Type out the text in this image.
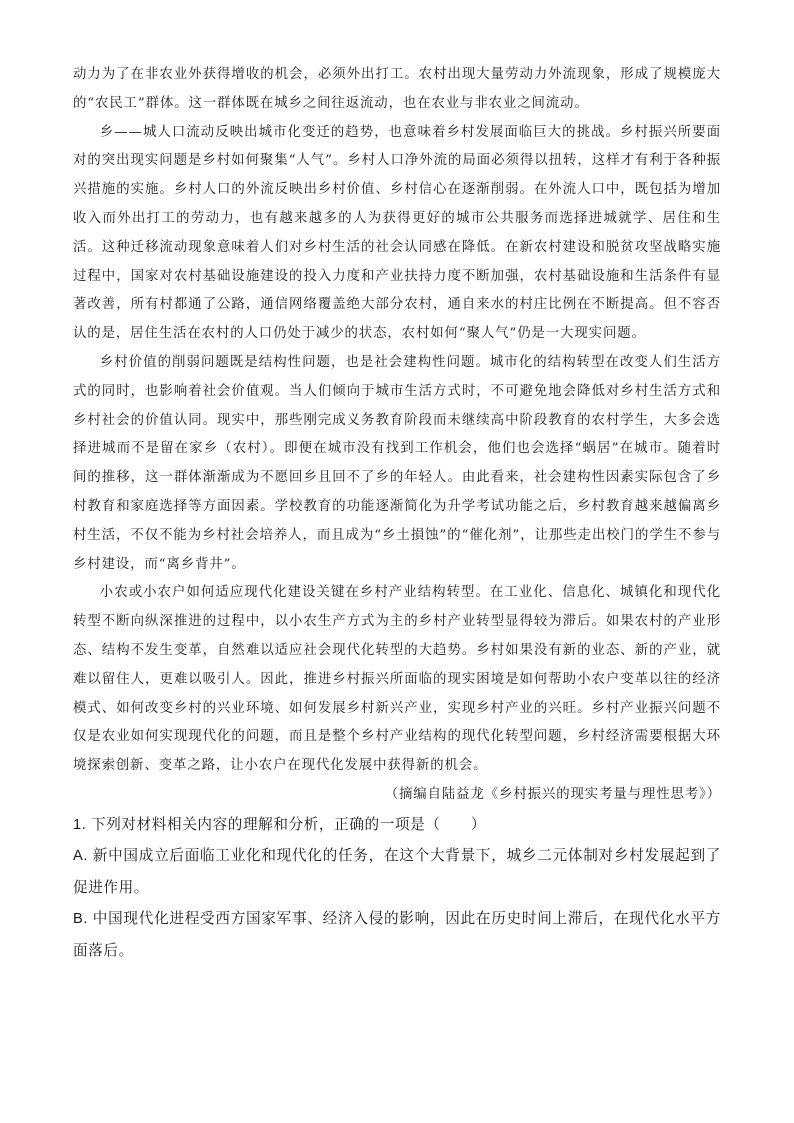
动力为了在非农业外获得增收的机会，必须外出打工。农村出现大量劳动力外流现象，形成了规模庞大的“农民工”群体。这一群体既在城乡之间往返流动，也在农业与非农业之间流动。

乡——城人口流动反映出城市化变迁的趋势，也意味着乡村发展面临巨大的挑战。乡村振兴所要面对的突出现实问题是乡村如何聚集“人气”。乡村人口净外流的局面必须得以扭转，这样才有利于各种振兴措施的实施。乡村人口的外流反映出乡村价值、乡村信心在逐渐削弱。在外流人口中，既包括为增加收入而外出打工的劳动力，也有越来越多的人为获得更好的城市公共服务而选择进城就学、居住和生活。这种迁移流动现象意味着人们对乡村生活的社会认同感在降低。在新农村建设和脱贫攻坚战略实施过程中，国家对农村基础设施建设的投入力度和产业扶持力度不断加强，农村基础设施和生活条件有显著改善，所有村都通了公路，通信网络覆盖绝大部分农村，通自来水的村庄比例在不断提高。但不容否认的是，居住生活在农村的人口仍处于减少的状态，农村如何“聚人气”仍是一大现实问题。

乡村价值的削弱问题既是结构性问题，也是社会建构性问题。城市化的结构转型在改变人们生活方式的同时，也影响着社会价值观。当人们倾向于城市生活方式时，不可避免地会降低对乡村生活方式和乡村社会的价值认同。现实中，那些刚完成义务教育阶段而未继续高中阶段教育的农村学生，大多会选择进城而不是留在家乡（农村）。即便在城市没有找到工作机会，他们也会选择“蜗居”在城市。随着时间的推移，这一群体渐渐成为不愿回乡且回不了乡的年轻人。由此看来，社会建构性因素实际包含了乡村教育和家庭选择等方面因素。学校教育的功能逐渐简化为升学考试功能之后，乡村教育越来越偏离乡村生活，不仅不能为乡村社会培养人，而且成为“乡土損蚀”的“催化剂”，让那些走出校门的学生不参与乡村建设，而“离乡背井”。

小农或小农户如何适应现代化建设关键在乡村产业结构转型。在工业化、信息化、城镇化和现代化转型不断向纵深推进的过程中，以小农生产方式为主的乡村产业转型显得较为滞后。如果农村的产业形态、结构不发生变革，自然难以适应社会现代化转型的大趋势。乡村如果没有新的业态、新的产业，就难以留住人，更难以吸引人。因此，推进乡村振兴所面临的现实困境是如何帮助小农户变革以往的经济模式、如何改变乡村的兴业环境、如何发展乡村新兴产业，实现乡村产业的兴旺。乡村产业振兴问题不仅是农业如何实现现代化的问题，而且是整个乡村产业结构的现代化转型问题，乡村经济需要根据大环境探索创新、变革之路，让小农户在现代化发展中获得新的机会。

（摘编自陆益龙《乡村振兴的现实考量与理性思考》）

1. 下列对材料相关内容的理解和分析，正确的一项是（　　）

A. 新中国成立后面临工业化和现代化的任务，在这个大背景下，城乡二元体制对乡村发展起到了促进作用。

B. 中国现代化进程受西方国家军事、经济入侵的影响，因此在历史时间上滞后，在现代化水平方面落后。
